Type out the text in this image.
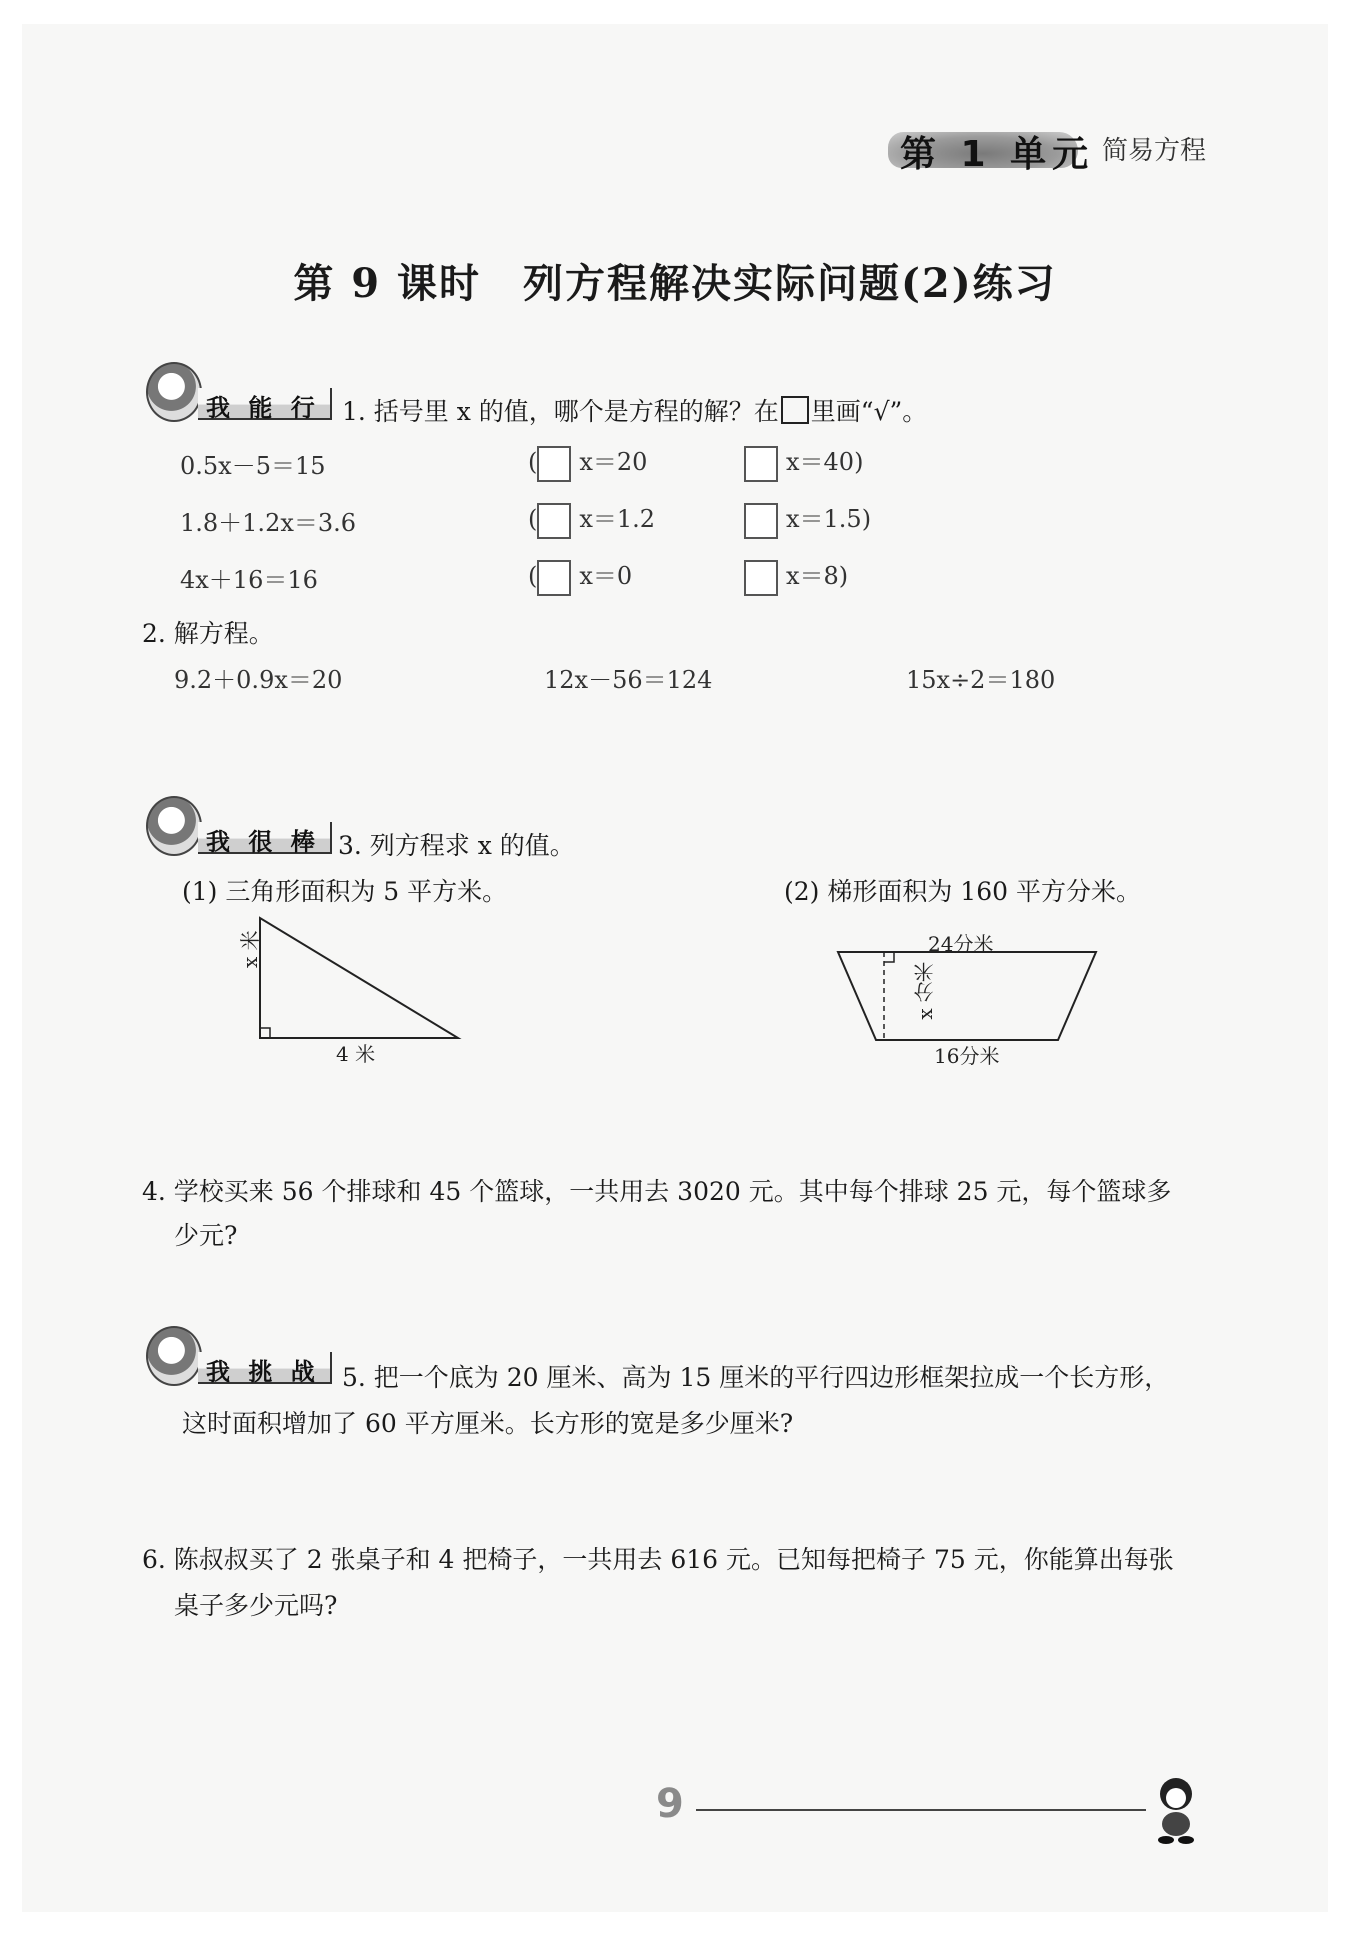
第 1 单元 简易方程
第 9 课时　列方程解决实际问题(2)练习
我 能 行 1. 括号里 x 的值，哪个是方程的解？在 里画“√”。
0.5x－5＝15	( x＝20	x＝40)
1.8＋1.2x＝3.6	( x＝1.2	x＝1.5)
4x＋16＝16	( x＝0	x＝8)
2. 解方程。
9.2＋0.9x＝20	12x－56＝124	15x÷2＝180
我 很 棒 3. 列方程求 x 的值。
(1) 三角形面积为 5 平方米。	(2) 梯形面积为 160 平方分米。
x 米
4 米
24分米
x 分米
16分米
4. 学校买来 56 个排球和 45 个篮球，一共用去 3020 元。其中每个排球 25 元，每个篮球多
少元?
我 挑 战 5. 把一个底为 20 厘米、高为 15 厘米的平行四边形框架拉成一个长方形，
这时面积增加了 60 平方厘米。长方形的宽是多少厘米?
6. 陈叔叔买了 2 张桌子和 4 把椅子，一共用去 616 元。已知每把椅子 75 元，你能算出每张
桌子多少元吗?
9
